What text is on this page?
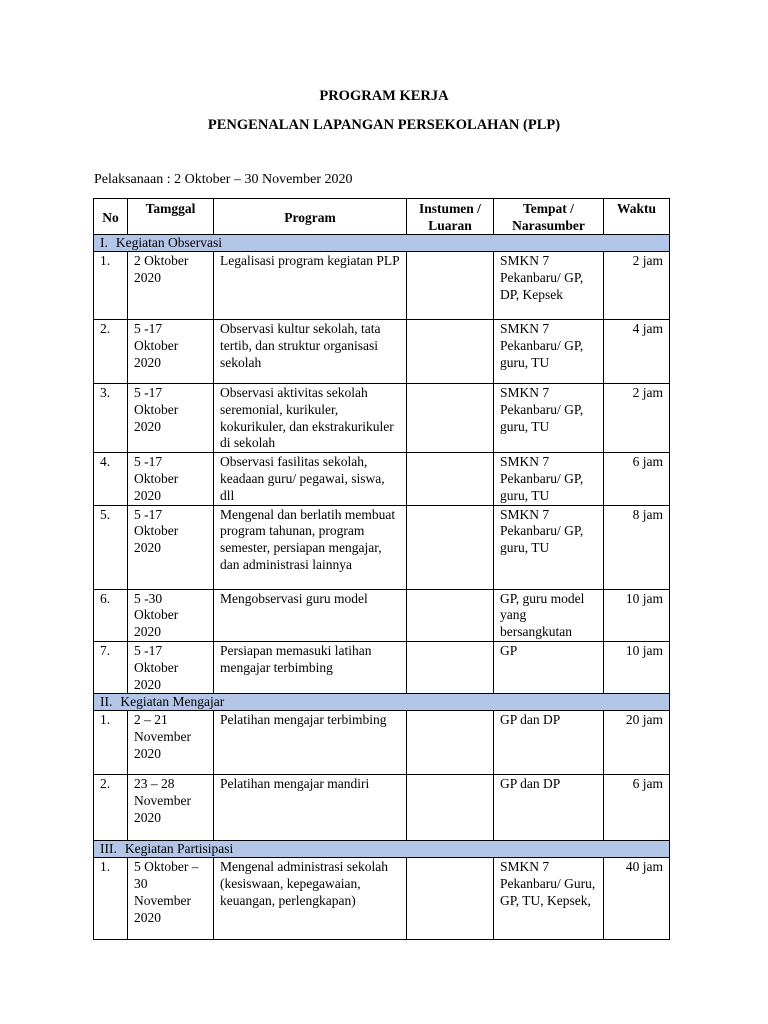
PROGRAM KERJA
PENGENALAN LAPANGAN PERSEKOLAHAN (PLP)
Pelaksanaan : 2 Oktober – 30 November 2020
No	Tamggal	Program	Instumen / Luaran	Tempat / Narasumber	Waktu
I. Kegiatan Observasi					
1.	2 Oktober 2020	Legalisasi program kegiatan PLP		SMKN 7 Pekanbaru/ GP, DP, Kepsek	2 jam
2.	5 -17 Oktober 2020	Observasi kultur sekolah, tata tertib, dan struktur organisasi sekolah		SMKN 7 Pekanbaru/ GP, guru, TU	4 jam
3.	5 -17 Oktober 2020	Observasi aktivitas sekolah seremonial, kurikuler, kokurikuler, dan ekstrakurikuler di sekolah		SMKN 7 Pekanbaru/ GP, guru, TU	2 jam
4.	5 -17 Oktober 2020	Observasi fasilitas sekolah, keadaan guru/ pegawai, siswa, dll		SMKN 7 Pekanbaru/ GP, guru, TU	6 jam
5.	5 -17 Oktober 2020	Mengenal dan berlatih membuat program tahunan, program semester, persiapan mengajar, dan administrasi lainnya		SMKN 7 Pekanbaru/ GP, guru, TU	8 jam
6.	5 -30 Oktober 2020	Mengobservasi guru model		GP, guru model yang bersangkutan	10 jam
7.	5 -17 Oktober 2020	Persiapan memasuki latihan mengajar terbimbing		GP	10 jam
II. Kegiatan Mengajar					
1.	2 – 21 November 2020	Pelatihan mengajar terbimbing		GP dan DP	20 jam
2.	23 – 28 November 2020	Pelatihan mengajar mandiri		GP dan DP	6 jam
III. Kegiatan Partisipasi					
1.	5 Oktober – 30 November 2020	Mengenal administrasi sekolah (kesiswaan, kepegawaian, keuangan, perlengkapan)		SMKN 7 Pekanbaru/ Guru, GP, TU, Kepsek,	40 jam
